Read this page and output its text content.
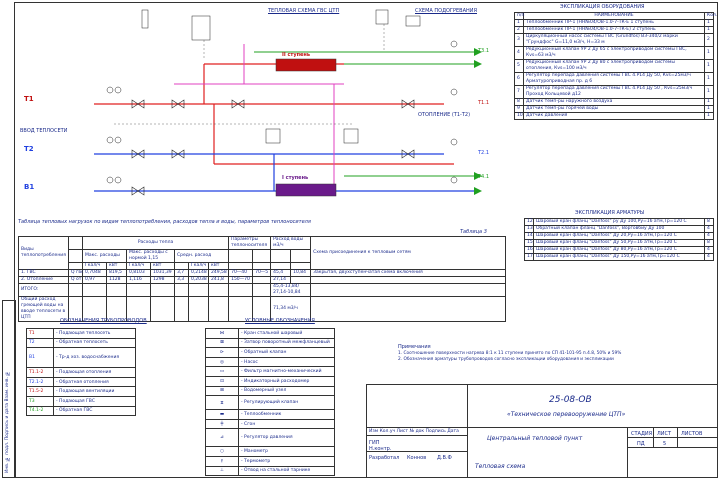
Инв. № подл. Подпись и дата Взам. инв. №
ТЕПЛОВАЯ СХЕМА ГВС ЦТП	СХЕМА ПОДОГРЕВАНИЯ
II ступень
I ступень
ВВОД ТЕПЛОСЕТИ
ОТОПЛЕНИЕ (Т1-Т2)
Т1
Т2
В1
Т1.1
Т2.1
Т3.1
Т4.1
ЭКСПЛИКАЦИЯ ОБОРУДОВАНИЯ
п/п	НАИМЕНОВАНИЕ	Кол.
1	Теплообменник ПР-1 (НН№04/ОВ-1.0-7-ТК-Е 1 ступень	1
2	Теплообменник ПР-1 (НН№04/ОВ-1.0-7-ТК-Е) 2 ступень	1
3	Циркуляционный насос системы ГВС (Grundfos) ВЗ-340/2 марки "Грундфос" G=11,0 м3/ч, Н=33 м	2
4	Редукционный клапан УР 2 Ду 65 с электроприводом системы ГВС, Кvs=63 м3/ч	1
5	Редукционный клапан УР 2 Ду 80 с электроприводом системы отопления, Кvs=100 м3/ч	1
6	Регулятор перепада давления системы ГВС 4.Р14 Ду 50, Кvs=25м3/ч Арматуроприводная пр. д 6	1
7	Регулятор перепада давления системы ГВС 4.Р14 Ду 50 , Кvs=25м3/ч Проход Кольцевой д12	1
8	Датчик темп-ры наружного воздуха	1
9	Датчик темп-ры горячей воды	1
10	Датчик давления	1
ЭКСПЛИКАЦИЯ АРМАТУРЫ
12	Шаровый кран фланц "Danfoss" ру Ду 100,Ру=16 атм,Тр=120 С	8
13	Обратный клапан фланц "Danfoss", Ворговбиу Ду 100	4
14	Шаровый кран фланц "Danfoss" Ду 20,Ру=16 атм,Тр=120 С	4
15	Шаровый кран фланц "Danfoss" Ду 50,Ру=16 атм,Тр=120 С	8
16	Шаровый кран фланц "Danfoss" Ду 80,Ру=16 атм,Тр=120 С	4
17	Шаровый кран фланц "Danfoss" Ду 150,Ру=16 атм,Тр=120 С	4
Таблица тепловых нагрузок по видам теплопотребления, расходов тепла и воды, параметров теплоносителя
Таблица 3
Виды теплопотребления		Расходы тепла							Параметры теплоносителя		Расход воды м3/ч		Схема присоединения к тепловым сетям
		Макс. расходы		Макс. расходы с нормой 1,15		Средн. расход							
		Гкал/ч	кВт	Гкал/ч	кВт		Гкал/ч	кВт					
1. ГВС	Q гвс	0,7048	819,5	0,8103	1031,39	3,7	0,2148	249,58	70—40	70—5	45,4	10,84	Закрытая, двухступенчатая схема включения
2. Отопление	Q от	0,97	1128	1,116	1298	3,3	0,2038	241,8	150—70		27,14		
ИТОГО:											45,4-13,84/ 27,14-10,84		
Общий расход греющей воды на вводе теплосети в ЦТП											71,34 м3/ч		
ОБОЗНАЧЕНИЯ ТРУБОПРОВОДОВ
Т1	- Подающая теплосеть
Т2	- Обратная теплосеть
В1	- Тр-д хоз. водоснабжения
Т1.1-2	- Подающая отопления
Т2.1-2	- Обратная отопления
Т1.5-2	- Подающая вентиляции
Т3	- Подающая ГВС
Т4.1-2	- Обратная ГВС
УСЛОВНЫЕ ОБОЗНАЧЕНИЯ
⋈	- Кран стальной шаровый
⊠	- Затвор поворотный межфланцевый
⊳	- Обратный клапан
◎	- Насос
▭	- Фильтр магнитно-механический
⊡	- Индикаторный расходомер
⊞	- Водомерный узел
⧖	- Регулирующий клапан
▬	- Теплообменник
╪	- Сгон
⊿	- Регулятор давления
○	- Манометр
⫯	- Термометр
⊥	- Отвод на стальной тарнике
Примечания
1. Соотношение поверхности нагрева 8:1 к 11 ступени принято по СП 41-101-95 п.4.8, 50% и 59%
2. Обозначения арматуры трубопроводов согласно экспликации оборудования и экспликации
25-08-ОВ
«Техническое перевооружение ЦТП»
Изм Кол.уч Лист № док Подпись Дата
ГИП
Н.контр.
Разработал Коннов Д.В.Ф
Центральный тепловой пункт
Тепловая схема
СТАДИЯ ЛИСТ ЛИСТОВ
ПД	5
